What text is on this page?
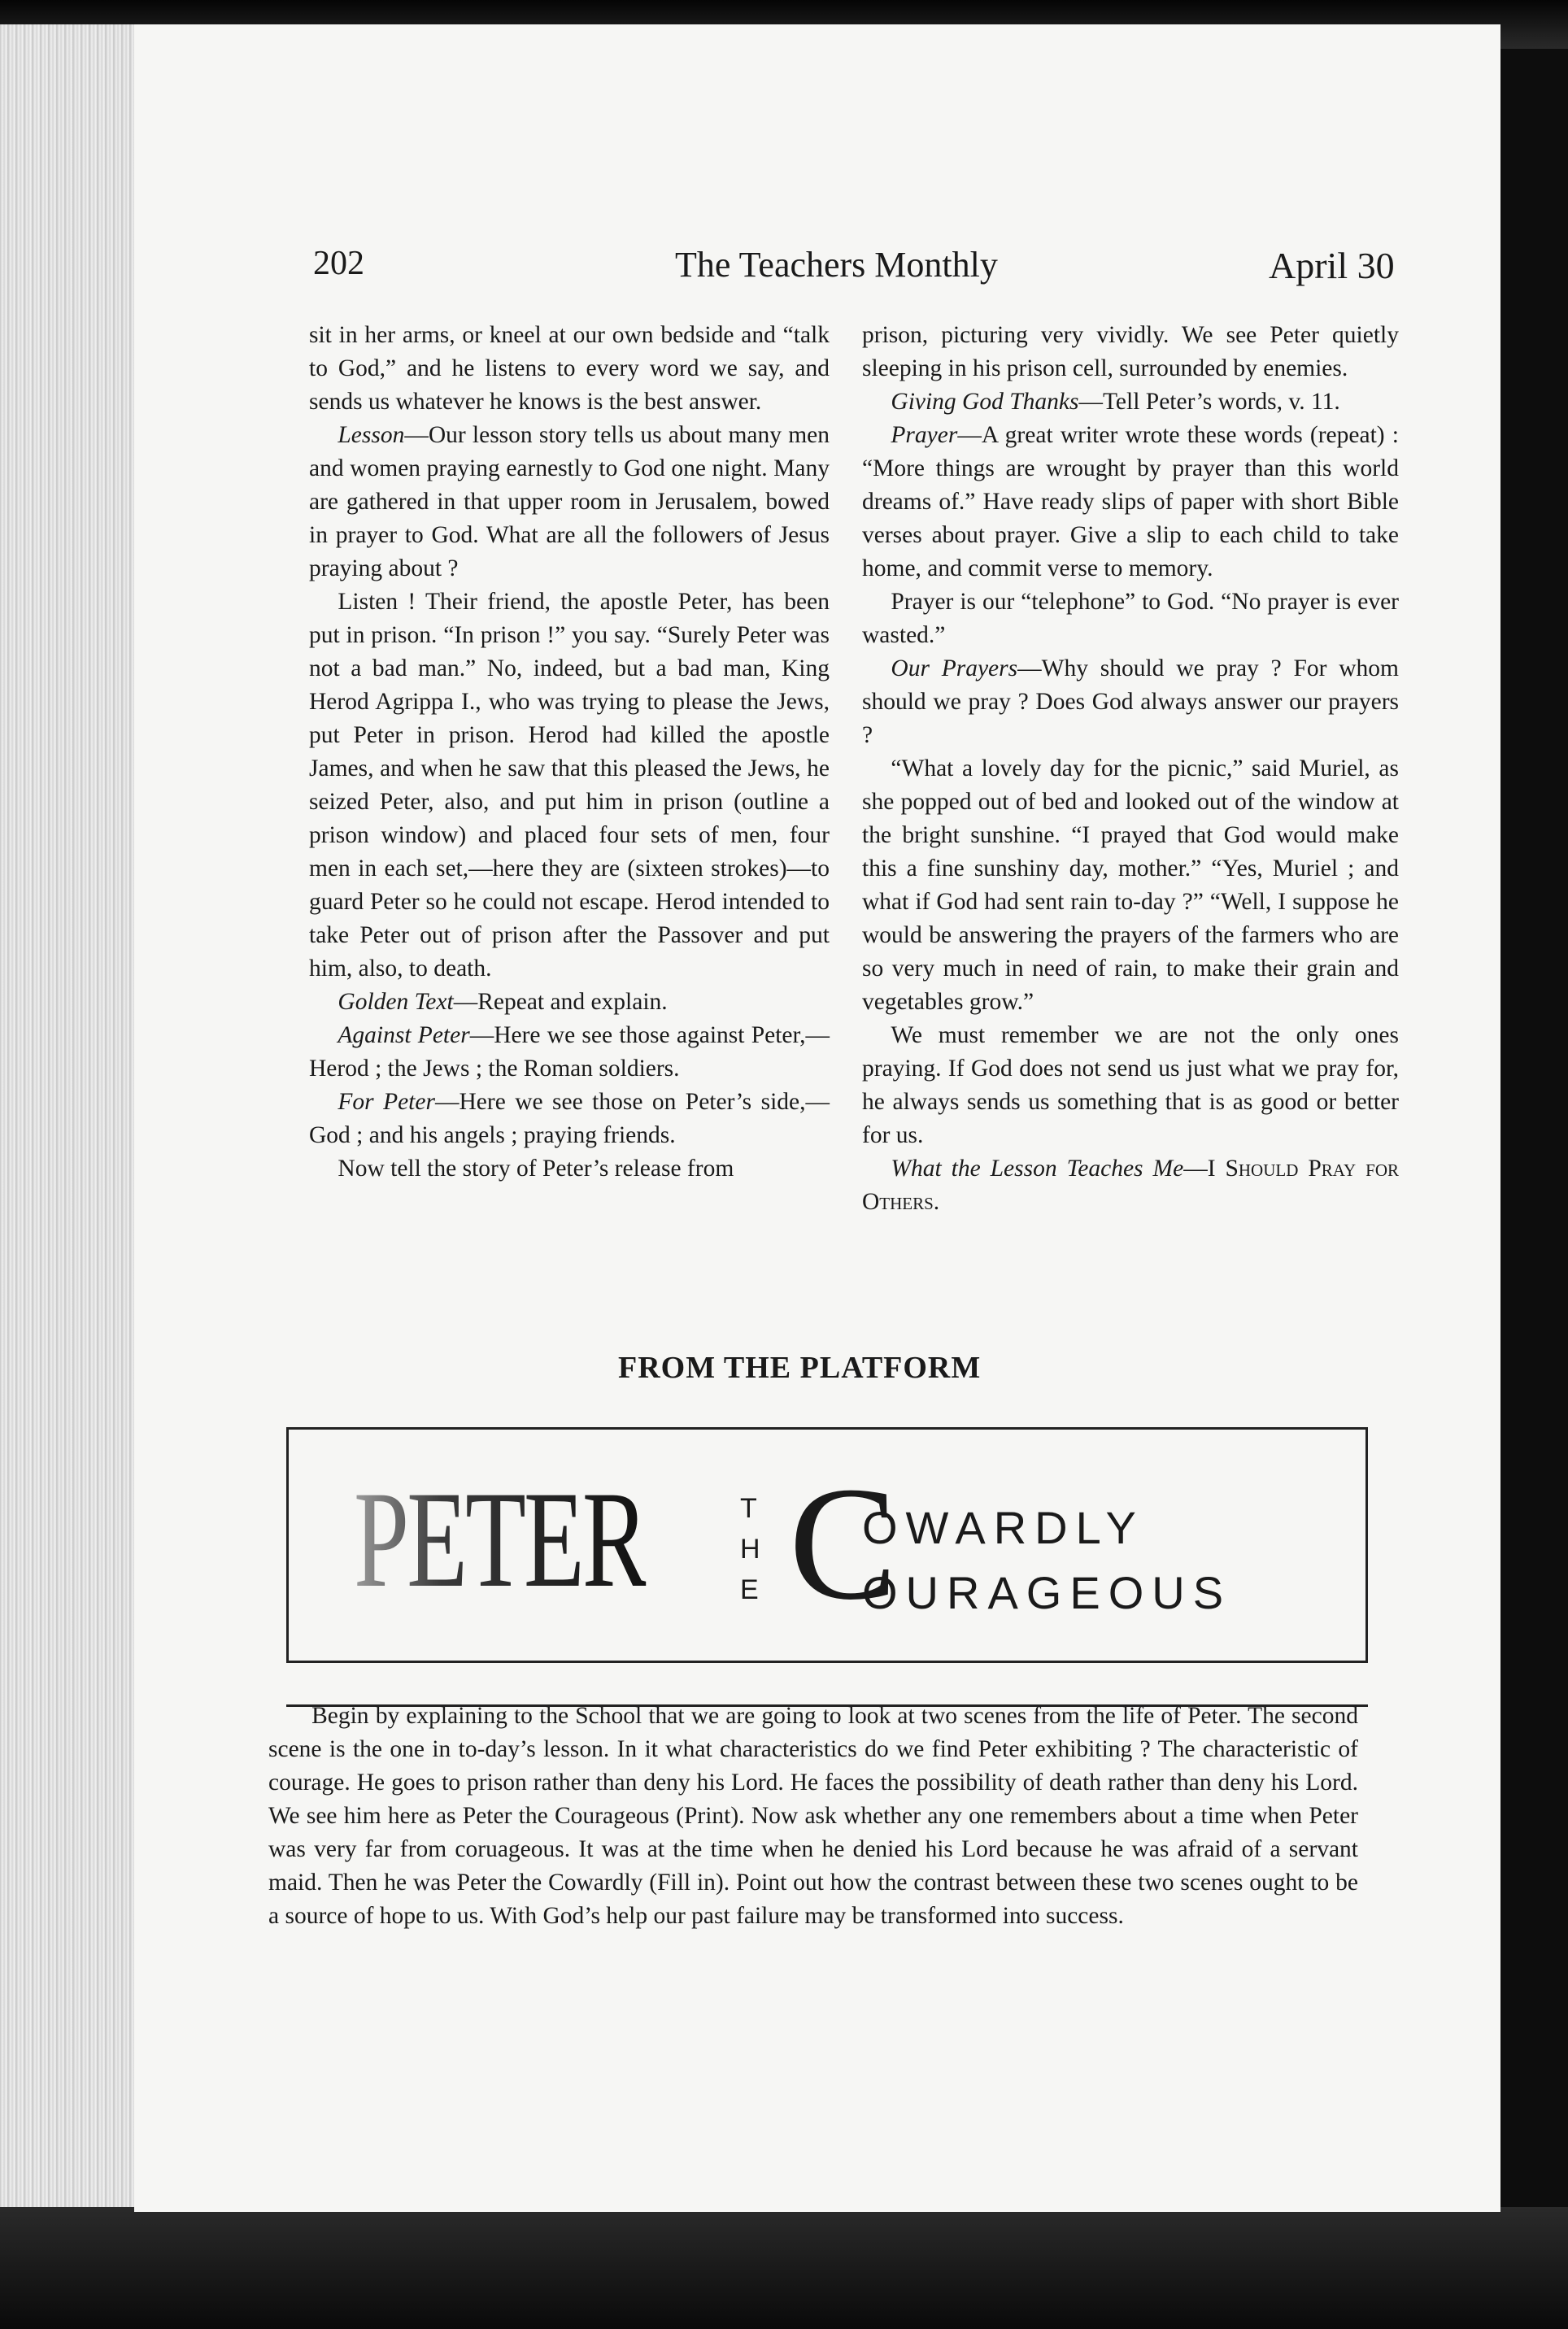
202	The Teachers Monthly	April 30

sit in her arms, or kneel at our own bedside and “talk to God,” and he listens to every word we say, and sends us whatever he knows is the best answer.

Lesson—Our lesson story tells us about many men and women praying earnestly to God one night. Many are gathered in that upper room in Jerusalem, bowed in prayer to God. What are all the followers of Jesus praying about ?

Listen ! Their friend, the apostle Peter, has been put in prison. “In prison !” you say. “Surely Peter was not a bad man.” No, indeed, but a bad man, King Herod Agrippa I., who was trying to please the Jews, put Peter in prison. Herod had killed the apostle James, and when he saw that this pleased the Jews, he seized Peter, also, and put him in prison (outline a prison window) and placed four sets of men, four men in each set,—here they are (sixteen strokes)—to guard Peter so he could not escape. Herod intended to take Peter out of prison after the Passover and put him, also, to death.

Golden Text—Repeat and explain.

Against Peter—Here we see those against Peter,—Herod ; the Jews ; the Roman soldiers.

For Peter—Here we see those on Peter’s side,—God ; and his angels ; praying friends.

Now tell the story of Peter’s release from

prison, picturing very vividly. We see Peter quietly sleeping in his prison cell, surrounded by enemies.

Giving God Thanks—Tell Peter’s words, v. 11.

Prayer—A great writer wrote these words (repeat) : “More things are wrought by prayer than this world dreams of.” Have ready slips of paper with short Bible verses about prayer. Give a slip to each child to take home, and commit verse to memory.

Prayer is our “telephone” to God. “No prayer is ever wasted.”

Our Prayers—Why should we pray ? For whom should we pray ? Does God always answer our prayers ?

“What a lovely day for the picnic,” said Muriel, as she popped out of bed and looked out of the window at the bright sunshine. “I prayed that God would make this a fine sunshiny day, mother.” “Yes, Muriel ; and what if God had sent rain to-day ?” “Well, I suppose he would be answering the prayers of the farmers who are so very much in need of rain, to make their grain and vegetables grow.”

We must remember we are not the only ones praying. If God does not send us just what we pray for, he always sends us something that is as good or better for us.

What the Lesson Teaches Me—I Should Pray for Others.

FROM THE PLATFORM
PETER	T
H
E C
OWARDLY
OURAGEOUS
Begin by explaining to the School that we are going to look at two scenes from the life of Peter. The second scene is the one in to-day’s lesson. In it what characteristics do we find Peter exhibiting ? The characteristic of courage. He goes to prison rather than deny his Lord. He faces the possibility of death rather than deny his Lord. We see him here as Peter the Courageous (Print). Now ask whether any one remembers about a time when Peter was very far from coruageous. It was at the time when he denied his Lord because he was afraid of a servant maid. Then he was Peter the Cowardly (Fill in). Point out how the contrast between these two scenes ought to be a source of hope to us. With God’s help our past failure may be transformed into success.
